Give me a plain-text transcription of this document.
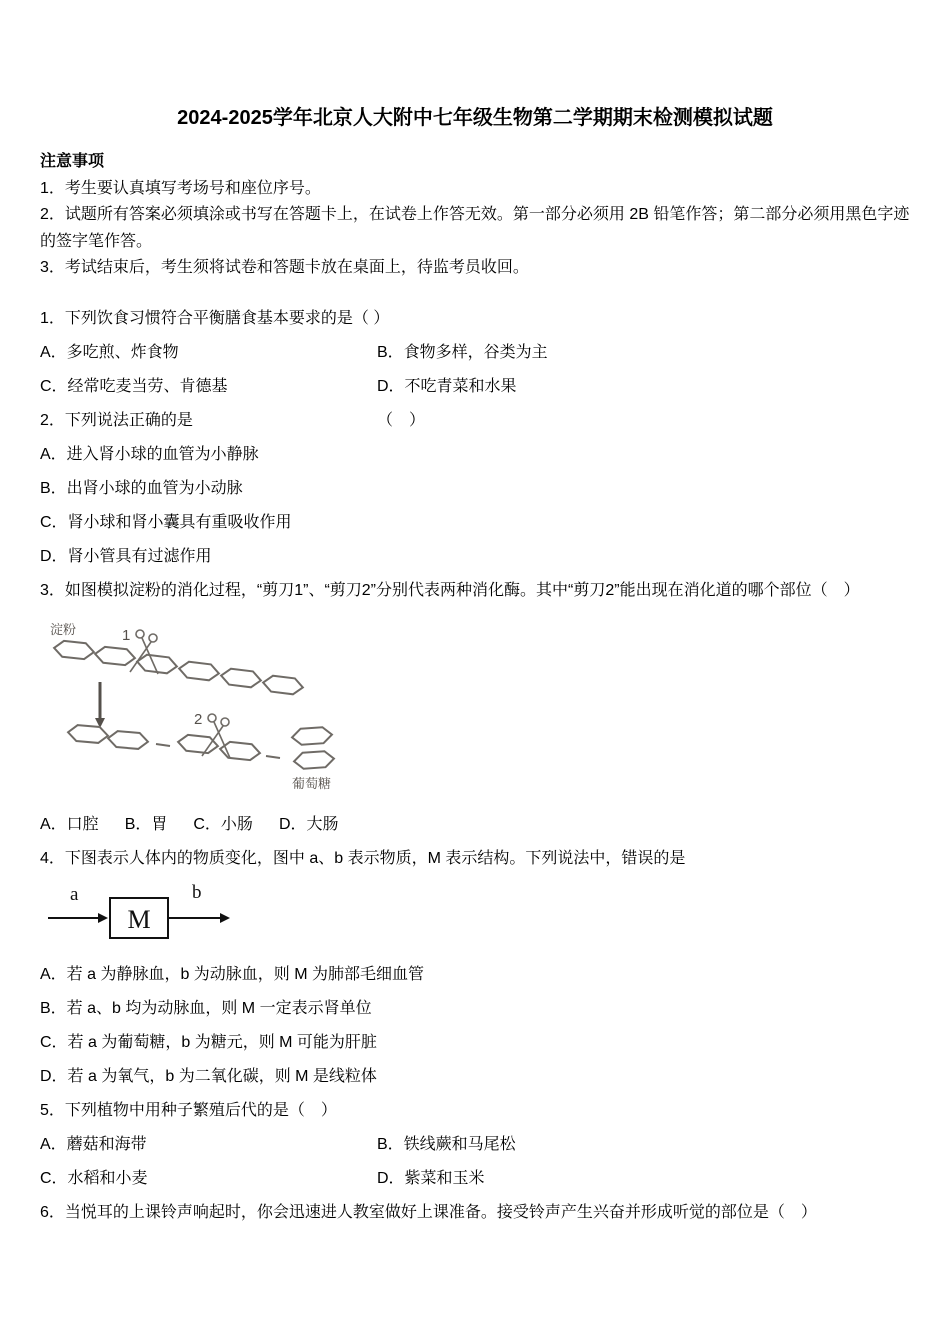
2024-2025学年北京人大附中七年级生物第二学期期末检测模拟试题
注意事项
1．考生要认真填写考场号和座位序号。
2．试题所有答案必须填涂或书写在答题卡上，在试卷上作答无效。第一部分必须用 2B 铅笔作答；第二部分必须用黑色字迹的签字笔作答。
3．考试结束后，考生须将试卷和答题卡放在桌面上，待监考员收回。
1．下列饮食习惯符合平衡膳食基本要求的是（ ）
A．多吃煎、炸食物	B．食物多样，谷类为主
C．经常吃麦当劳、肯德基	D．不吃青菜和水果
2．下列说法正确的是	（　）
A．进入肾小球的血管为小静脉
B．出肾小球的血管为小动脉
C．肾小球和肾小囊具有重吸收作用
D．肾小管具有过滤作用
3．如图模拟淀粉的消化过程，“剪刀1”、“剪刀2”分别代表两种消化酶。其中“剪刀2”能出现在消化道的哪个部位（　）
淀粉	1
2
葡萄糖
A．口腔 B．胃 C．小肠 D．大肠
4．下图表示人体内的物质变化，图中 a、b 表示物质，M 表示结构。下列说法中，错误的是
a
M
b
A．若 a 为静脉血，b 为动脉血，则 M 为肺部毛细血管
B．若 a、b 均为动脉血，则 M 一定表示肾单位
C．若 a 为葡萄糖，b 为糖元，则 M 可能为肝脏
D．若 a 为氧气，b 为二氧化碳，则 M 是线粒体
5．下列植物中用种子繁殖后代的是（　）
A．蘑菇和海带	B．铁线蕨和马尾松
C．水稻和小麦	D．紫菜和玉米
6．当悦耳的上课铃声响起时，你会迅速进人教室做好上课准备。接受铃声产生兴奋并形成听觉的部位是（　）
